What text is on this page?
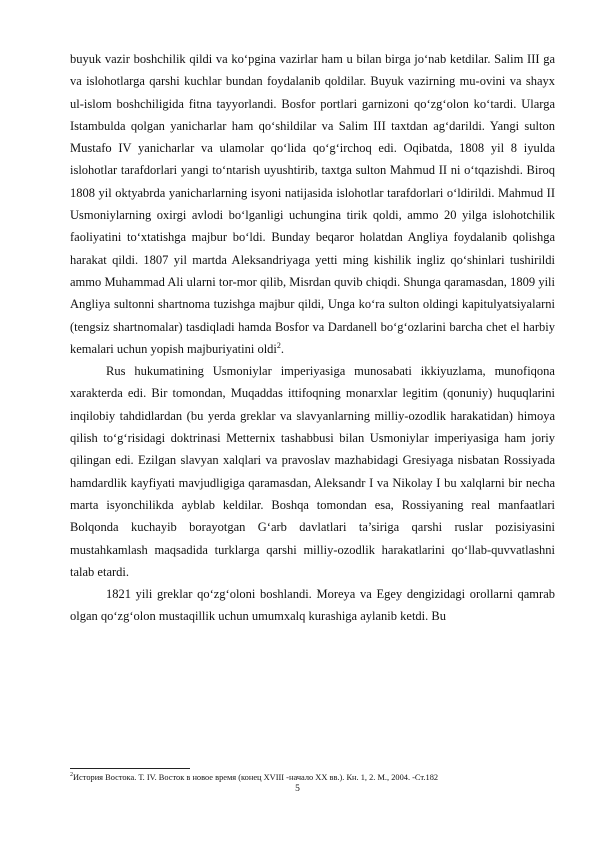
buyuk vazir boshchilik qildi va ko‘pgina vazirlar ham u bilan birga jo‘nab ketdilar. Salim III ga va islohotlarga qarshi kuchlar bundan foydalanib qoldilar. Buyuk vazirning mu-ovini va shayx ul-islom boshchiligida fitna tayyorlandi. Bosfor portlari garnizoni qo‘zg‘olon ko‘tardi. Ularga Istambulda qolgan yanicharlar ham qo‘shildilar va Salim III taxtdan ag‘darildi. Yangi sulton Mustafo IV yanicharlar va ulamolar qo‘lida qo‘g‘irchoq edi. Oqibatda, 1808 yil 8 iyulda islohotlar tarafdorlari yangi to‘ntarish uyushtirib, taxtga sulton Mahmud II ni o‘tqazishdi. Biroq 1808 yil oktyabrda yanicharlarning isyoni natijasida islohotlar tarafdorlari o‘ldirildi. Mahmud II Usmoniylarning oxirgi avlodi bo‘lganligi uchungina tirik qoldi, ammo 20 yilga islohotchilik faoliyatini to‘xtatishga majbur bo‘ldi. Bunday beqaror holatdan Angliya foydalanib qolishga harakat qildi. 1807 yil martda Aleksandriyaga yetti ming kishilik ingliz qo‘shinlari tushirildi ammo Muhammad Ali ularni tor-mor qilib, Misrdan quvib chiqdi. Shunga qaramasdan, 1809 yili Angliya sultonni shartnoma tuzishga majbur qildi, Unga ko‘ra sulton oldingi kapitulyatsiyalarni (tengsiz shartnomalar) tasdiqladi hamda Bosfor va Dardanell bo‘g‘ozlarini barcha chet el harbiy kemalari uchun yopish majburiyatini oldi$^2$.

Rus hukumatining Usmoniylar imperiyasiga munosabati ikkiyuzlama, munofiqona xarakterda edi. Bir tomondan, Muqaddas ittifoqning monarxlar legitim (qonuniy) huquqlarini inqilobiy tahdidlardan (bu yerda greklar va slavyanlarning milliy-ozodlik harakatidan) himoya qilish to‘g‘risidagi doktrinasi Metternix tashabbusi bilan Usmoniylar imperiyasiga ham joriy qilingan edi. Ezilgan slavyan xalqlari va pravoslav mazhabidagi Gresiyaga nisbatan Rossiyada hamdardlik kayfiyati mavjudligiga qaramasdan, Aleksandr I va Nikolay I bu xalqlarni bir necha marta isyonchilikda ayblab keldilar. Boshqa tomondan esa, Rossiyaning real manfaatlari Bolqonda kuchayib borayotgan G‘arb davlatlari ta’siriga qarshi ruslar pozisiyasini mustahkamlash maqsadida turklarga qarshi milliy-ozodlik harakatlarini qo‘llab-quvvatlashni talab etardi.

1821 yili greklar qo‘zg‘oloni boshlandi. Moreya va Egey dengizidagi orollarni qamrab olgan qo‘zg‘olon mustaqillik uchun umumxalq kurashiga aylanib ketdi. Bu

$^2$История Востока. Т. IV. Восток в новое время (конец XVIII -начало XX вв.). Кн. 1, 2. М., 2004. -Ст.182
5
